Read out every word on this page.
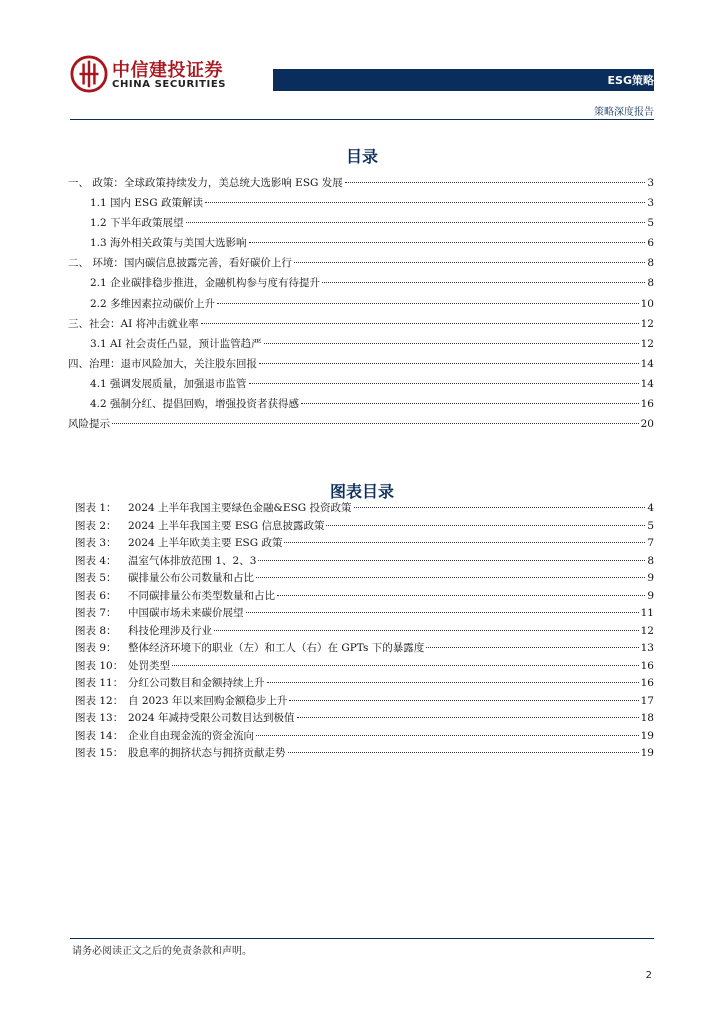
中信建投证券
CHINA SECURITIES	ESG策略
策略深度报告
目录
一、 政策：全球政策持续发力，美总统大选影响 ESG 发展	3
1.1 国内 ESG 政策解读	3
1.2 下半年政策展望	5
1.3 海外相关政策与美国大选影响	6
二、 环境：国内碳信息披露完善，看好碳价上行	8
2.1 企业碳排稳步推进，金融机构参与度有待提升	8
2.2 多维因素拉动碳价上升	10
三、社会：AI 将冲击就业率	12
3.1 AI 社会责任凸显，预计监管趋严	12
四、治理：退市风险加大，关注股东回报	14
4.1 强调发展质量，加强退市监管	14
4.2 强制分红、提倡回购，增强投资者获得感	16
风险提示	20
图表目录
图表 1：	2024 上半年我国主要绿色金融&ESG 投资政策	4
图表 2：	2024 上半年我国主要 ESG 信息披露政策	5
图表 3：	2024 上半年欧美主要 ESG 政策	7
图表 4：	温室气体排放范围 1、2、3	8
图表 5：	碳排量公布公司数量和占比	9
图表 6：	不同碳排量公布类型数量和占比	9
图表 7：	中国碳市场未来碳价展望	11
图表 8：	科技伦理涉及行业	12
图表 9：	整体经济环境下的职业（左）和工人（右）在 GPTs 下的暴露度	13
图表 10： 处罚类型	16
图表 11： 分红公司数目和金额持续上升	16
图表 12： 自 2023 年以来回购金额稳步上升	17
图表 13： 2024 年减持受限公司数目达到极值	18
图表 14： 企业自由现金流的资金流向	19
图表 15： 股息率的拥挤状态与拥挤贡献走势	19
请务必阅读正文之后的免责条款和声明。
2
